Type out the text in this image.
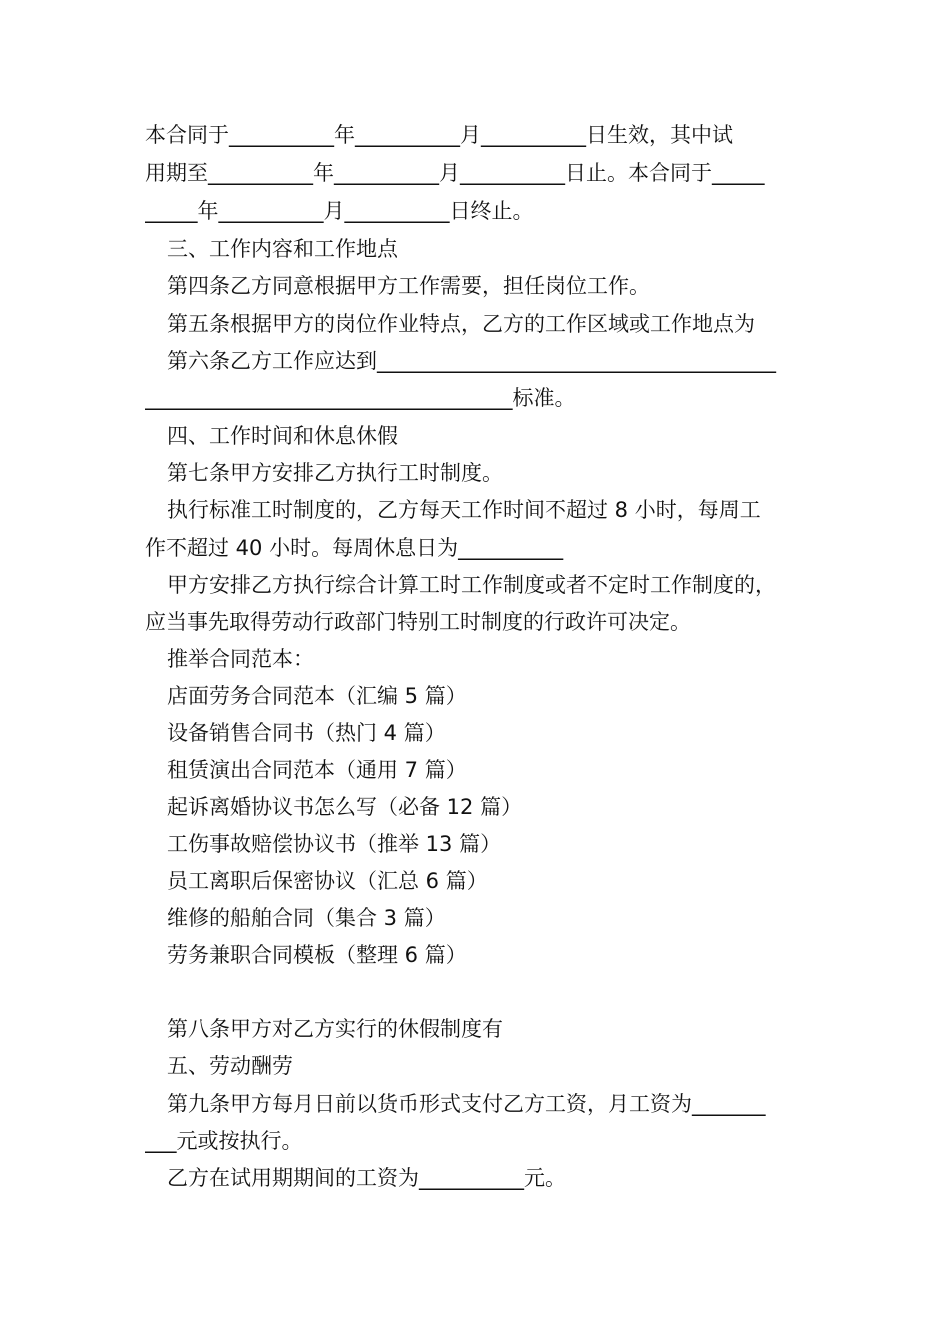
本合同于__________年__________月__________日生效，其中试
用期至__________年__________月__________日止。本合同于_____
_____年__________月__________日终止。
三、工作内容和工作地点
第四条乙方同意根据甲方工作需要，担任岗位工作。
第五条根据甲方的岗位作业特点，乙方的工作区域或工作地点为
第六条乙方工作应达到______________________________________
___________________________________标准。
四、工作时间和休息休假
第七条甲方安排乙方执行工时制度。
执行标准工时制度的，乙方每天工作时间不超过 8 小时，每周工
作不超过 40 小时。每周休息日为__________
甲方安排乙方执行综合计算工时工作制度或者不定时工作制度的，
应当事先取得劳动行政部门特别工时制度的行政许可决定。
推举合同范本：
店面劳务合同范本（汇编 5 篇）
设备销售合同书（热门 4 篇）
租赁演出合同范本（通用 7 篇）
起诉离婚协议书怎么写（必备 12 篇）
工伤事故赔偿协议书（推举 13 篇）
员工离职后保密协议（汇总 6 篇）
维修的船舶合同（集合 3 篇）
劳务兼职合同模板（整理 6 篇）
第八条甲方对乙方实行的休假制度有
五、劳动酬劳
第九条甲方每月日前以货币形式支付乙方工资，月工资为_______
___元或按执行。
乙方在试用期期间的工资为__________元。
